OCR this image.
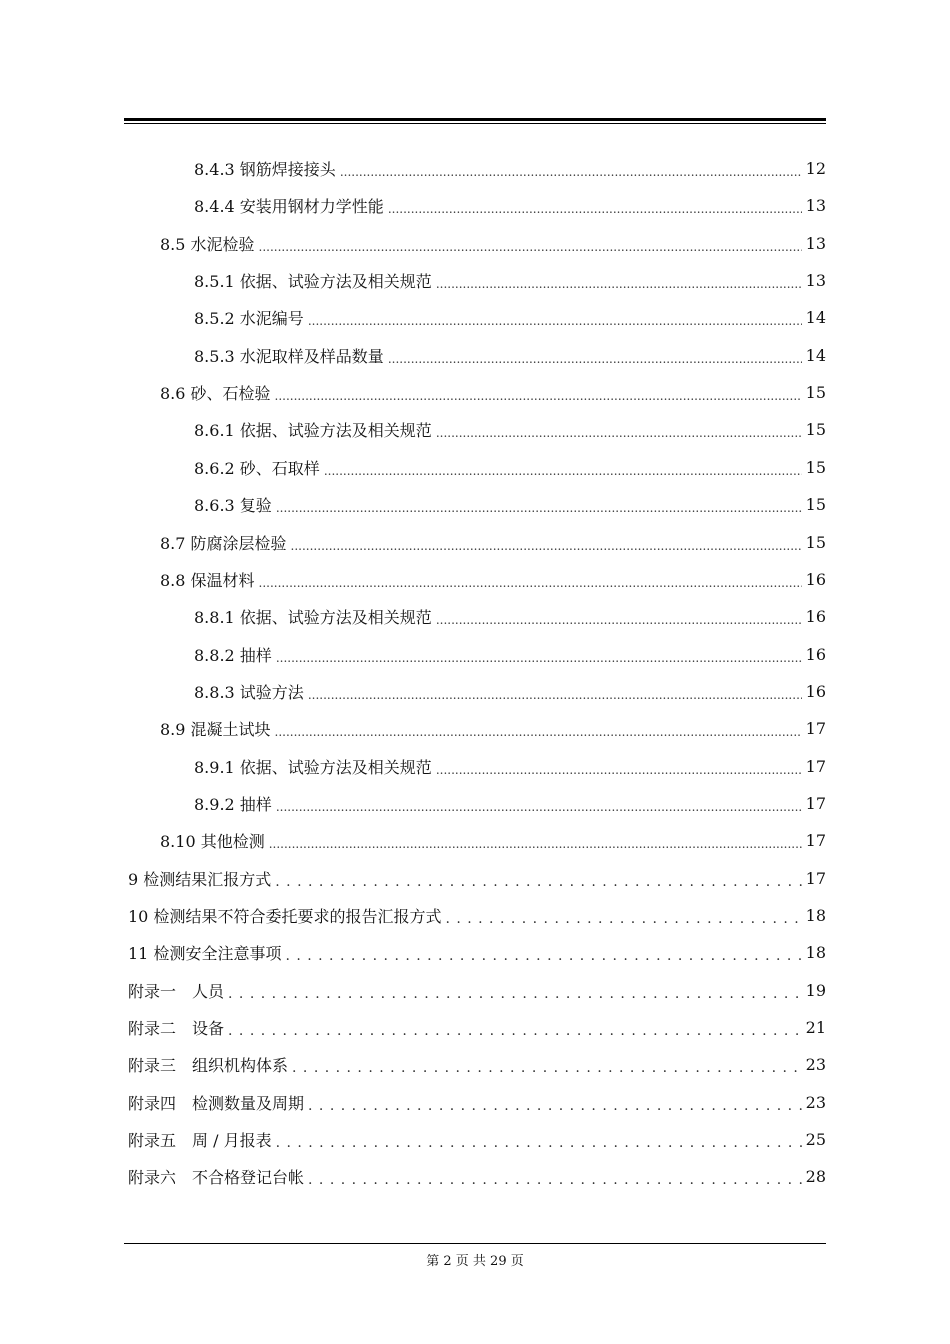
8.4.3 钢筋焊接接头 .....	12
8.4.4 安装用钢材力学性能 .....	13
8.5 水泥检验 .....	13
8.5.1 依据、试验方法及相关规范 .....	13
8.5.2 水泥编号 .....	14
8.5.3 水泥取样及样品数量 .....	14
8.6 砂、石检验 .....	15
8.6.1 依据、试验方法及相关规范 .....	15
8.6.2 砂、石取样 .....	15
8.6.3 复验 .....	15
8.7 防腐涂层检验 .....	15
8.8 保温材料 .....	16
8.8.1 依据、试验方法及相关规范 .....	16
8.8.2 抽样 .....	16
8.8.3 试验方法 .....	16
8.9 混凝土试块 .....	17
8.9.1 依据、试验方法及相关规范 .....	17
8.9.2 抽样 .....	17
8.10 其他检测 .....	17
9 检测结果汇报方式 . . .	17
10 检测结果不符合委托要求的报告汇报方式 . . .	18
11 检测安全注意事项 . . .	18
附录一　人员 . . .	19
附录二　设备 . . .	21
附录三　组织机构体系 . . .	23
附录四　检测数量及周期 . . .	23
附录五　周 / 月报表 . . .	25
附录六　不合格登记台帐 . . .	28
第 2 页 共 29 页
